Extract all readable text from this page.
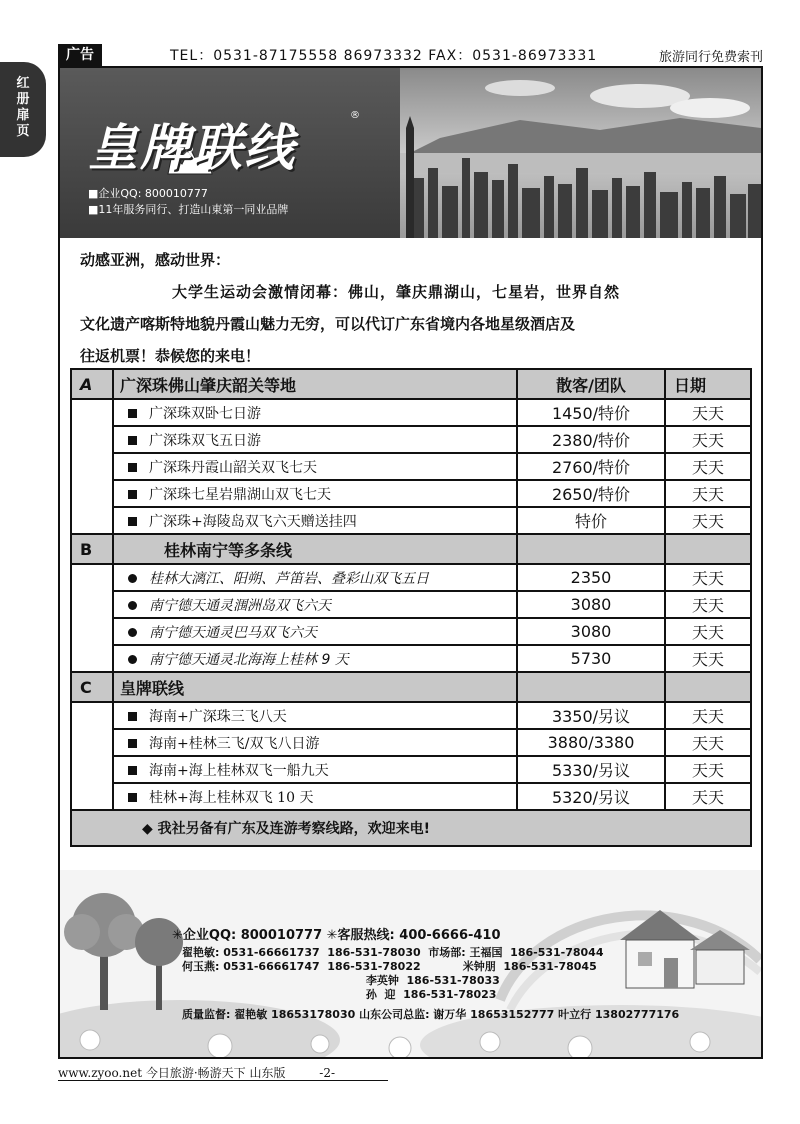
广告	TEL：0531-87175558 86973332 FAX：0531-86973331	旅游同行免费索刊
红
册
扉
页	皇牌联线
®
■企业QQ: 800010777
■11年服务同行、打造山東第一同业品牌
动感亚洲，感动世界：
大学生运动会激情闭幕：佛山，肇庆鼎湖山，七星岩，世界自然
文化遗产喀斯特地貌丹霞山魅力无穷，可以代订广东省境内各地星级酒店及
往返机票！恭候您的来电！
A	广深珠佛山肇庆韶关等地	散客/团队	日期
	广深珠双卧七日游	1450/特价	天天
	广深珠双飞五日游	2380/特价	天天
	广深珠丹霞山韶关双飞七天	2760/特价	天天
	广深珠七星岩鼎湖山双飞七天	2650/特价	天天
	广深珠+海陵岛双飞六天赠送挂四	特价	天天
B	桂林南宁等多条线		
	桂林大漓江、阳朔、芦笛岩、叠彩山双飞五日	2350	天天
	南宁德天通灵涠洲岛双飞六天	3080	天天
	南宁德天通灵巴马双飞六天	3080	天天
	南宁德天通灵北海海上桂林 9 天	5730	天天
C	皇牌联线		
	海南+广深珠三飞八天	3350/另议	天天
	海南+桂林三飞/双飞八日游	3880/3380	天天
	海南+海上桂林双飞一船九天	5330/另议	天天
	桂林+海上桂林双飞 10 天	5320/另议	天天
◆ 我社另备有广东及连游考察线路，欢迎来电!			
✳企业QQ: 800010777 ✳客服热线: 400-6666-410
翟艳敏: 0531-66661737  186-531-78030  市场部: 王福国  186-531-78044
何玉燕: 0531-66661747  186-531-78022           米钟朋  186-531-78045
李英钟  186-531-78033
孙  迎  186-531-78023
质量监督: 翟艳敏 18653178030 山东公司总监: 谢万华 18653152777 叶立行 13802777176
www.zyoo.net 今日旅游·畅游天下 山东版	-2-
